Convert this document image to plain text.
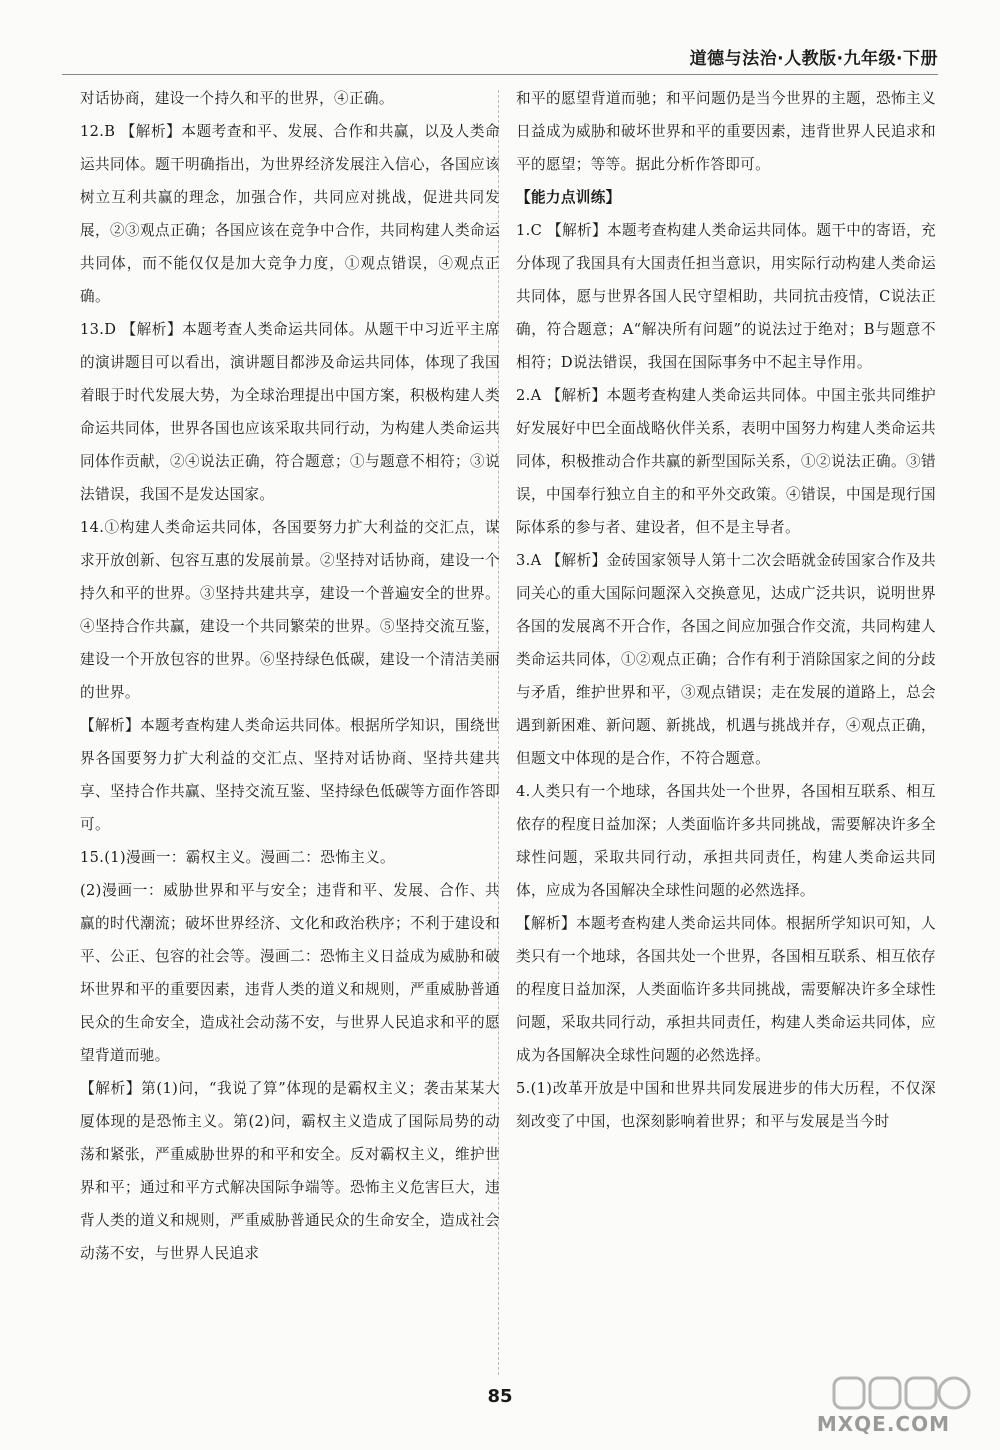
道德与法治·人教版·九年级·下册

对话协商，建设一个持久和平的世界，④正确。

12.B 【解析】本题考查和平、发展、合作和共赢，以及人类命运共同体。题干明确指出，为世界经济发展注入信心，各国应该树立互利共赢的理念，加强合作，共同应对挑战，促进共同发展，②③观点正确；各国应该在竞争中合作，共同构建人类命运共同体，而不能仅仅是加大竞争力度，①观点错误，④观点正确。

13.D 【解析】本题考查人类命运共同体。从题干中习近平主席的演讲题目可以看出，演讲题目都涉及命运共同体，体现了我国着眼于时代发展大势，为全球治理提出中国方案，积极构建人类命运共同体，世界各国也应该采取共同行动，为构建人类命运共同体作贡献，②④说法正确，符合题意；①与题意不相符；③说法错误，我国不是发达国家。

14.①构建人类命运共同体，各国要努力扩大利益的交汇点，谋求开放创新、包容互惠的发展前景。②坚持对话协商，建设一个持久和平的世界。③坚持共建共享，建设一个普遍安全的世界。④坚持合作共赢，建设一个共同繁荣的世界。⑤坚持交流互鉴，建设一个开放包容的世界。⑥坚持绿色低碳，建设一个清洁美丽的世界。

【解析】本题考查构建人类命运共同体。根据所学知识，围绕世界各国要努力扩大利益的交汇点、坚持对话协商、坚持共建共享、坚持合作共赢、坚持交流互鉴、坚持绿色低碳等方面作答即可。

15.(1)漫画一：霸权主义。漫画二：恐怖主义。

(2)漫画一：威胁世界和平与安全；违背和平、发展、合作、共赢的时代潮流；破坏世界经济、文化和政治秩序；不利于建设和平、公正、包容的社会等。漫画二：恐怖主义日益成为威胁和破坏世界和平的重要因素，违背人类的道义和规则，严重威胁普通民众的生命安全，造成社会动荡不安，与世界人民追求和平的愿望背道而驰。

【解析】第(1)问，“我说了算”体现的是霸权主义；袭击某某大厦体现的是恐怖主义。第(2)问，霸权主义造成了国际局势的动荡和紧张，严重威胁世界的和平和安全。反对霸权主义，维护世界和平；通过和平方式解决国际争端等。恐怖主义危害巨大，违背人类的道义和规则，严重威胁普通民众的生命安全，造成社会动荡不安，与世界人民追求

和平的愿望背道而驰；和平问题仍是当今世界的主题，恐怖主义日益成为威胁和破坏世界和平的重要因素，违背世界人民追求和平的愿望；等等。据此分析作答即可。

【能力点训练】

1.C 【解析】本题考查构建人类命运共同体。题干中的寄语，充分体现了我国具有大国责任担当意识，用实际行动构建人类命运共同体，愿与世界各国人民守望相助，共同抗击疫情，C说法正确，符合题意；A“解决所有问题”的说法过于绝对；B与题意不相符；D说法错误，我国在国际事务中不起主导作用。

2.A 【解析】本题考查构建人类命运共同体。中国主张共同维护好发展好中巴全面战略伙伴关系，表明中国努力构建人类命运共同体，积极推动合作共赢的新型国际关系，①②说法正确。③错误，中国奉行独立自主的和平外交政策。④错误，中国是现行国际体系的参与者、建设者，但不是主导者。

3.A 【解析】金砖国家领导人第十二次会晤就金砖国家合作及共同关心的重大国际问题深入交换意见，达成广泛共识，说明世界各国的发展离不开合作，各国之间应加强合作交流，共同构建人类命运共同体，①②观点正确；合作有利于消除国家之间的分歧与矛盾，维护世界和平，③观点错误；走在发展的道路上，总会遇到新困难、新问题、新挑战，机遇与挑战并存，④观点正确，但题文中体现的是合作，不符合题意。

4.人类只有一个地球，各国共处一个世界，各国相互联系、相互依存的程度日益加深；人类面临许多共同挑战，需要解决许多全球性问题，采取共同行动，承担共同责任，构建人类命运共同体，应成为各国解决全球性问题的必然选择。

【解析】本题考查构建人类命运共同体。根据所学知识可知，人类只有一个地球，各国共处一个世界，各国相互联系、相互依存的程度日益加深，人类面临许多共同挑战，需要解决许多全球性问题，采取共同行动，承担共同责任，构建人类命运共同体，应成为各国解决全球性问题的必然选择。

5.(1)改革开放是中国和世界共同发展进步的伟大历程，不仅深刻改变了中国，也深刻影响着世界；和平与发展是当今时

85
MXQE.COM
